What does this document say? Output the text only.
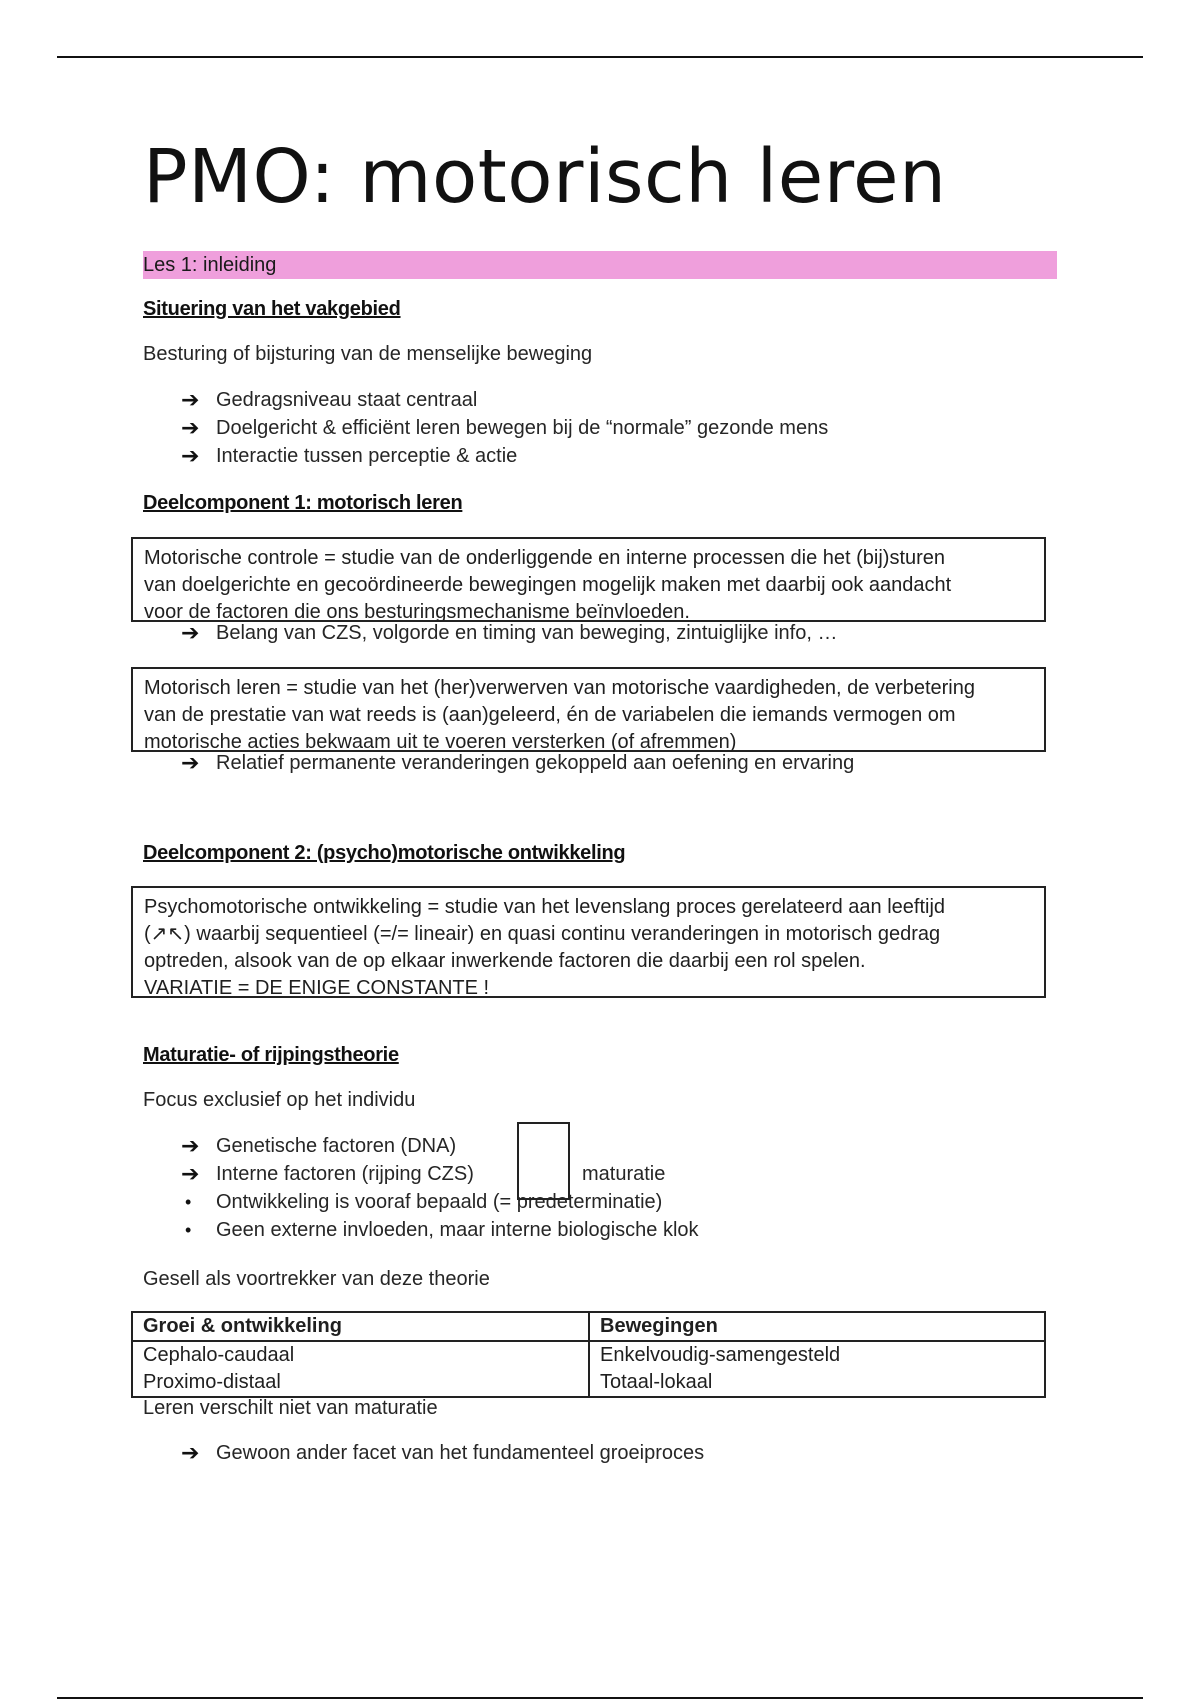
PMO: motorisch leren
Les 1: inleiding

Situering van het vakgebied

Besturing of bijsturing van de menselijke beweging

➔ Gedragsniveau staat centraal
➔ Doelgericht & efficiënt leren bewegen bij de “normale” gezonde mens
➔ Interactie tussen perceptie & actie

Deelcomponent 1: motorisch leren

Motorische controle = studie van de onderliggende en interne processen die het (bij)sturen

van doelgerichte en gecoördineerde bewegingen mogelijk maken met daarbij ook aandacht

voor de factoren die ons besturingsmechanisme beïnvloeden.

➔ Belang van CZS, volgorde en timing van beweging, zintuiglijke info, …

Motorisch leren = studie van het (her)verwerven van motorische vaardigheden, de verbetering

van de prestatie van wat reeds is (aan)geleerd, én de variabelen die iemands vermogen om

motorische acties bekwaam uit te voeren versterken (of afremmen)

➔ Relatief permanente veranderingen gekoppeld aan oefening en ervaring

Deelcomponent 2: (psycho)motorische ontwikkeling

Psychomotorische ontwikkeling = studie van het levenslang proces gerelateerd aan leeftijd

(↗↖) waarbij sequentieel (=/= lineair) en quasi continu veranderingen in motorisch gedrag

optreden, alsook van de op elkaar inwerkende factoren die daarbij een rol spelen.

VARIATIE = DE ENIGE CONSTANTE !

Maturatie- of rijpingstheorie

Focus exclusief op het individu

➔ Genetische factoren (DNA)
➔ Interne factoren (rijping CZS)
• Ontwikkeling is vooraf bepaald (= predeterminatie)
• Geen externe invloeden, maar interne biologische klok

maturatie

Gesell als voortrekker van deze theorie

Groei & ontwikkeling	Bewegingen
Cephalo-caudaal	Enkelvoudig-samengesteld
Proximo-distaal	Totaal-lokaal

Leren verschilt niet van maturatie

➔ Gewoon ander facet van het fundamenteel groeiproces
